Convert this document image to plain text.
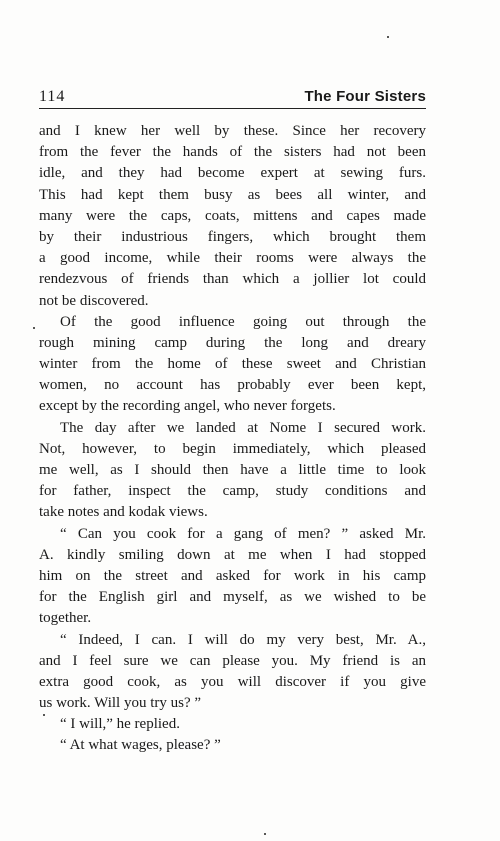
114	The Four Sisters
and I knew her well by these. Since her recovery
from the fever the hands of the sisters had not been
idle, and they had become expert at sewing furs.
This had kept them busy as bees all winter, and
many were the caps, coats, mittens and capes made
by their industrious fingers, which brought them
a good income, while their rooms were always the
rendezvous of friends than which a jollier lot could
not be discovered.
Of the good influence going out through the
rough mining camp during the long and dreary
winter from the home of these sweet and Christian
women, no account has probably ever been kept,
except by the recording angel, who never forgets.
The day after we landed at Nome I secured work.
Not, however, to begin immediately, which pleased
me well, as I should then have a little time to look
for father, inspect the camp, study conditions and
take notes and kodak views.
“ Can you cook for a gang of men? ” asked Mr.
A. kindly smiling down at me when I had stopped
him on the street and asked for work in his camp
for the English girl and myself, as we wished to be
together.
“ Indeed, I can. I will do my very best, Mr. A.,
and I feel sure we can please you. My friend is an
extra good cook, as you will discover if you give
us work. Will you try us? ”
“ I will,” he replied.
“ At what wages, please? ”
